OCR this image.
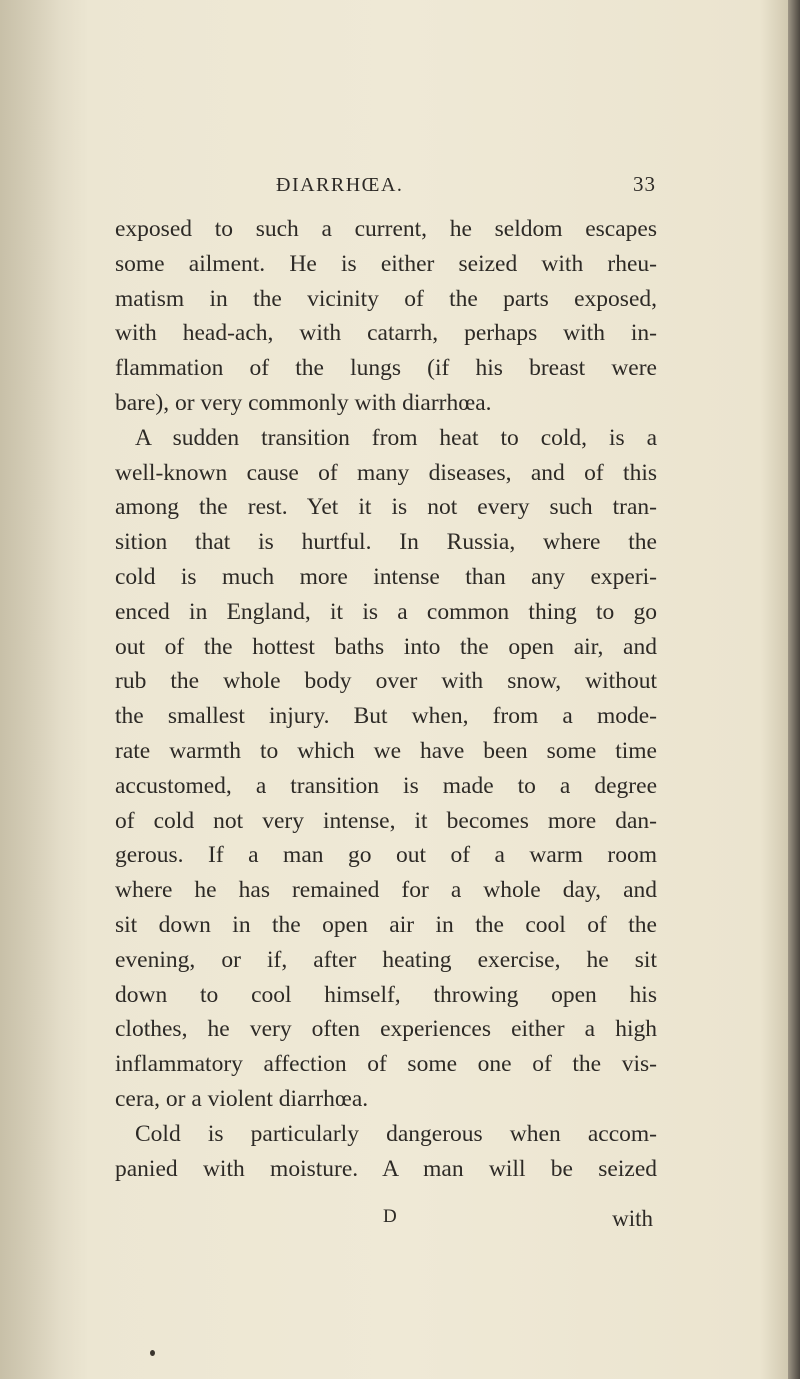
ÐIARRHŒA.	33
exposed to such a current, he seldom escapes
some ailment. He is either seized with rheu-
matism in the vicinity of the parts exposed,
with head-ach, with catarrh, perhaps with in-
flammation of the lungs (if his breast were
bare), or very commonly with diarrhœa.
A sudden transition from heat to cold, is a
well-known cause of many diseases, and of this
among the rest. Yet it is not every such tran-
sition that is hurtful. In Russia, where the
cold is much more intense than any experi-
enced in England, it is a common thing to go
out of the hottest baths into the open air, and
rub the whole body over with snow, without
the smallest injury. But when, from a mode-
rate warmth to which we have been some time
accustomed, a transition is made to a degree
of cold not very intense, it becomes more dan-
gerous. If a man go out of a warm room
where he has remained for a whole day, and
sit down in the open air in the cool of the
evening, or if, after heating exercise, he sit
down to cool himself, throwing open his
clothes, he very often experiences either a high
inflammatory affection of some one of the vis-
cera, or a violent diarrhœa.
Cold is particularly dangerous when accom-
panied with moisture. A man will be seized
D	with
